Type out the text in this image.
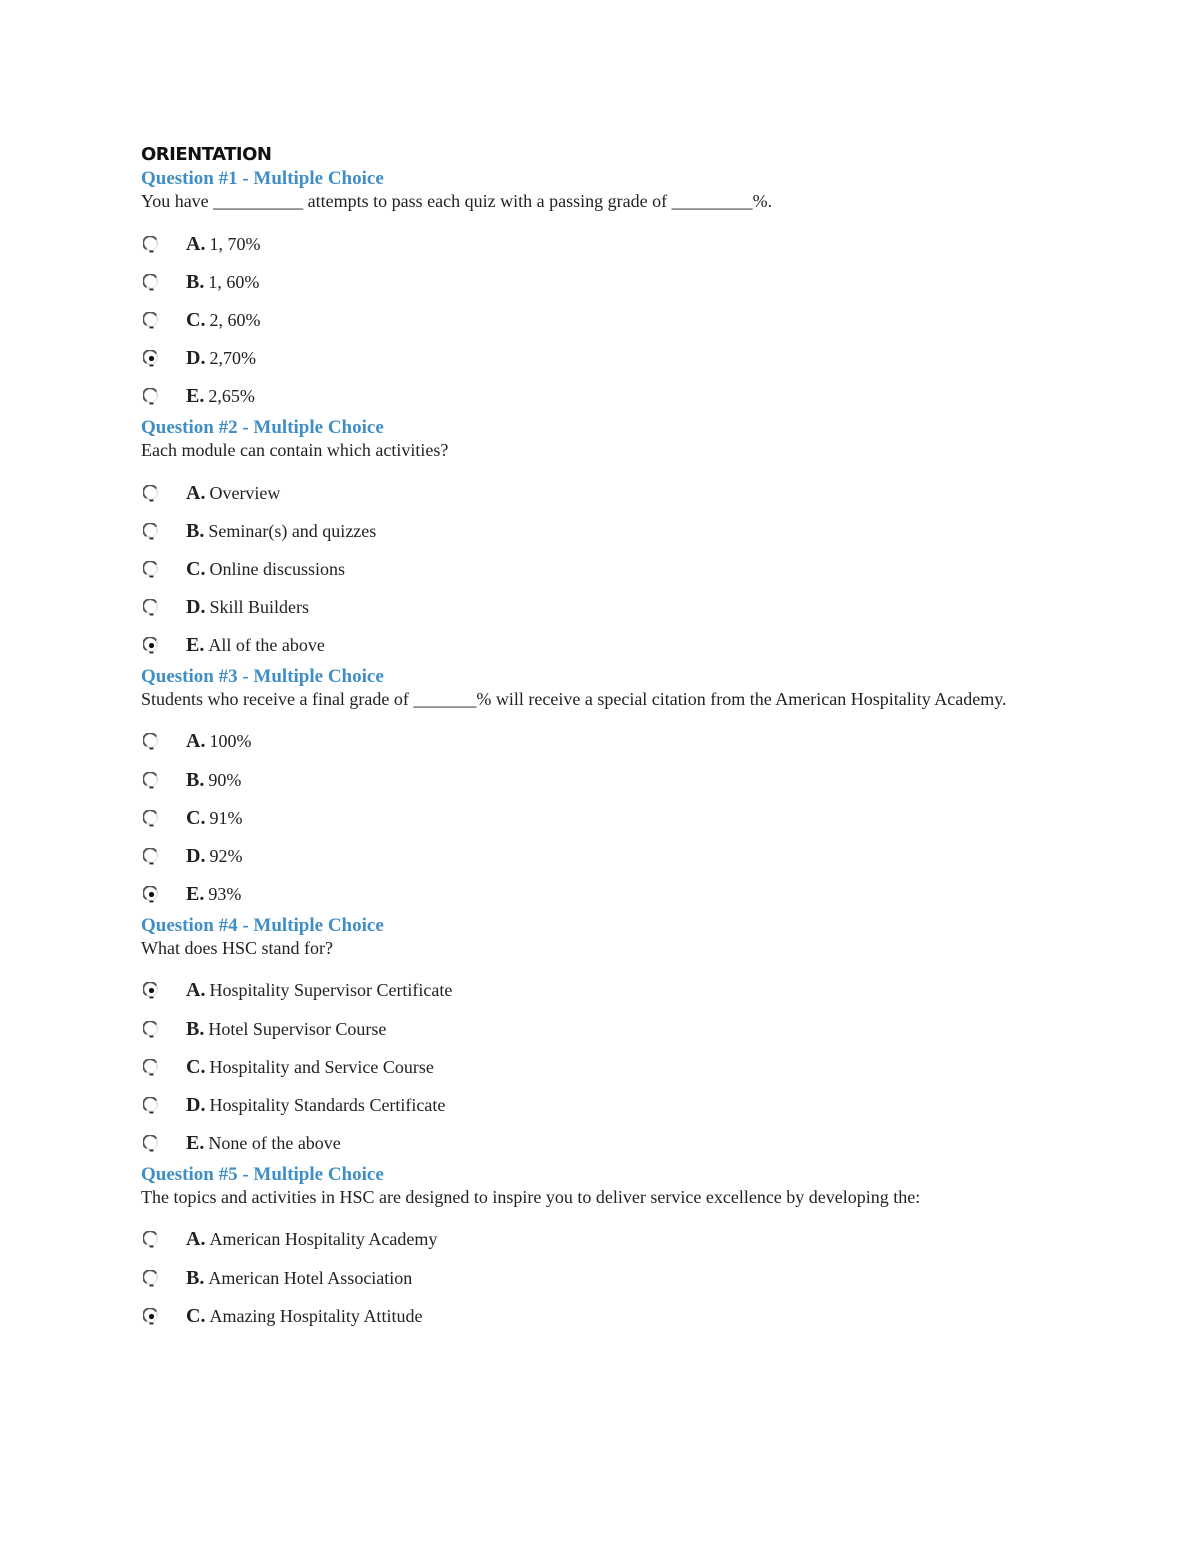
ORIENTATION
Question #1 - Multiple Choice
You have __________ attempts to pass each quiz with a passing grade of _________%.
A. 1, 70%
B. 1, 60%
C. 2, 60%
D. 2,70%
E. 2,65%
Question #2 - Multiple Choice
Each module can contain which activities?
A. Overview
B. Seminar(s) and quizzes
C. Online discussions
D. Skill Builders
E. All of the above
Question #3 - Multiple Choice
Students who receive a final grade of _______% will receive a special citation from the American Hospitality Academy.
A. 100%
B. 90%
C. 91%
D. 92%
E. 93%
Question #4 - Multiple Choice
What does HSC stand for?
A. Hospitality Supervisor Certificate
B. Hotel Supervisor Course
C. Hospitality and Service Course
D. Hospitality Standards Certificate
E. None of the above
Question #5 - Multiple Choice
The topics and activities in HSC are designed to inspire you to deliver service excellence by developing the:
A. American Hospitality Academy
B. American Hotel Association
C. Amazing Hospitality Attitude
